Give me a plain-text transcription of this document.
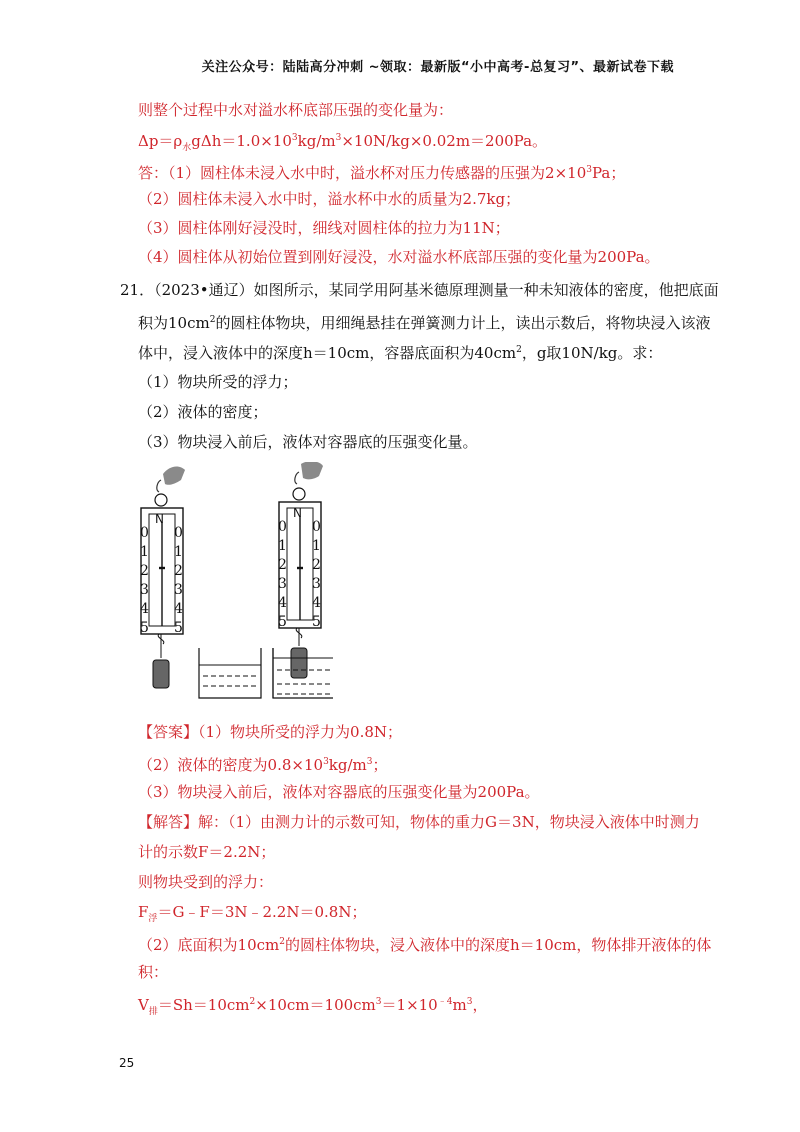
关注公众号：陆陆高分冲刺 ~领取：最新版“小中高考-总复习”、最新试卷下载
则整个过程中水对溢水杯底部压强的变化量为：
$\Delta p=\rho_水g\Delta h=1.0\times 10^3kg/m^3\times 10N/kg\times 0.02m=200Pa$。
答：（1）圆柱体未浸入水中时，溢水杯对压力传感器的压强为$2\times 10^3Pa$；
（2）圆柱体未浸入水中时，溢水杯中水的质量为2.7kg；
（3）圆柱体刚好浸没时，细线对圆柱体的拉力为11N；
（4）圆柱体从初始位置到刚好浸没，水对溢水杯底部压强的变化量为200Pa。
21．（2023•通辽）如图所示，某同学用阿基米德原理测量一种未知液体的密度，他把底面
积为$10cm^2$的圆柱体物块，用细绳悬挂在弹簧测力计上，读出示数后，将物块浸入该液
体中，浸入液体中的深度h＝10cm，容器底面积为$40cm^2$，g取10N/kg。求：
（1）物块所受的浮力；
（2）液体的密度；
（3）物块浸入前后，液体对容器底的压强变化量。
N
0 0
1 1
2 2
3 3
4 4
5 5
N
0 0
1 1
2 2
3 3
4 4
5 5
【答案】（1）物块所受的浮力为0.8N；
（2）液体的密度为$0.8\times 10^3kg/m^3$；
（3）物块浸入前后，液体对容器底的压强变化量为200Pa。
【解答】解：（1）由测力计的示数可知，物体的重力G＝3N，物块浸入液体中时测力
计的示数F＝2.2N；
则物块受到的浮力：
$F_浮=G﹣F=3N﹣2.2N=0.8N$；
（2）底面积为$10cm^2$的圆柱体物块，浸入液体中的深度h＝10cm，物体排开液体的体
积：
$V_排=Sh=10cm^2\times 10cm=100cm^3=1\times 10^{﹣4}m^3$，
25
